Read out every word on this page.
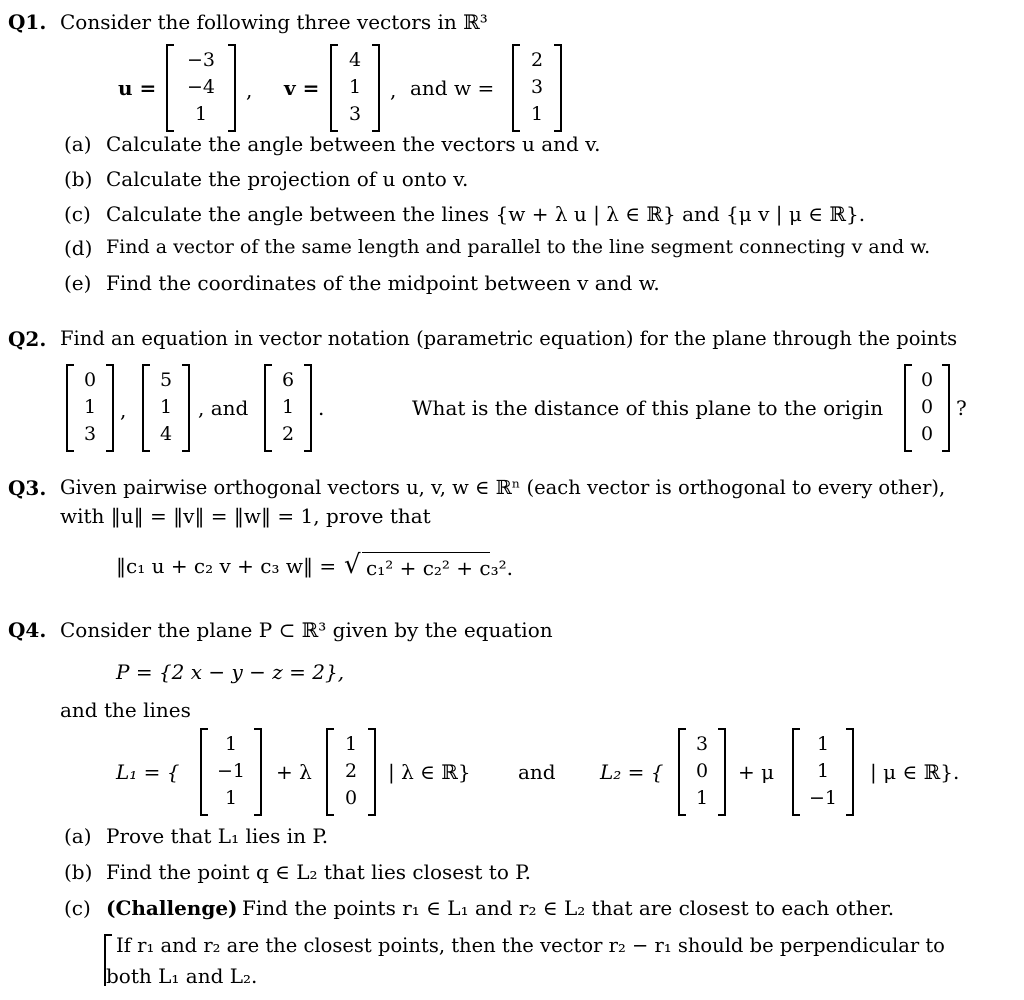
Q1. Consider the following three vectors in ℝ³
u =
−3
−4
1
, v =
4
1
3
, and w =
2
3
1
(a) Calculate the angle between the vectors u and v.
(b) Calculate the projection of u onto v.
(c) Calculate the angle between the lines {w + λ u | λ ∈ ℝ} and {μ v | μ ∈ ℝ}.
(d) Find a vector of the same length and parallel to the line segment connecting v and w.
(e) Find the coordinates of the midpoint between v and w.
Q2. Find an equation in vector notation (parametric equation) for the plane through the points
0
1
3
,
5
1
4
, and
6
1
2
.	What is the distance of this plane to the origin
0
0
0
?
Q3. Given pairwise orthogonal vectors u, v, w ∈ ℝⁿ (each vector is orthogonal to every other),
with ‖u‖ = ‖v‖ = ‖w‖ = 1, prove that
‖c₁ u + c₂ v + c₃ w‖ = √ c₁² + c₂² + c₃².
Q4. Consider the plane P ⊂ ℝ³ given by the equation
P = {2 x − y − z = 2},
and the lines
L₁ = {
1
−1
1
+ λ
1
2
0
| λ ∈ ℝ} and L₂ = {
3
0
1
+ μ
1
1
−1
| μ ∈ ℝ}.
(a) Prove that L₁ lies in P.
(b) Find the point q ∈ L₂ that lies closest to P.
(c) (Challenge) Find the points r₁ ∈ L₁ and r₂ ∈ L₂ that are closest to each other.
If r₁ and r₂ are the closest points, then the vector r₂ − r₁ should be perpendicular to
both L₁ and L₂.
